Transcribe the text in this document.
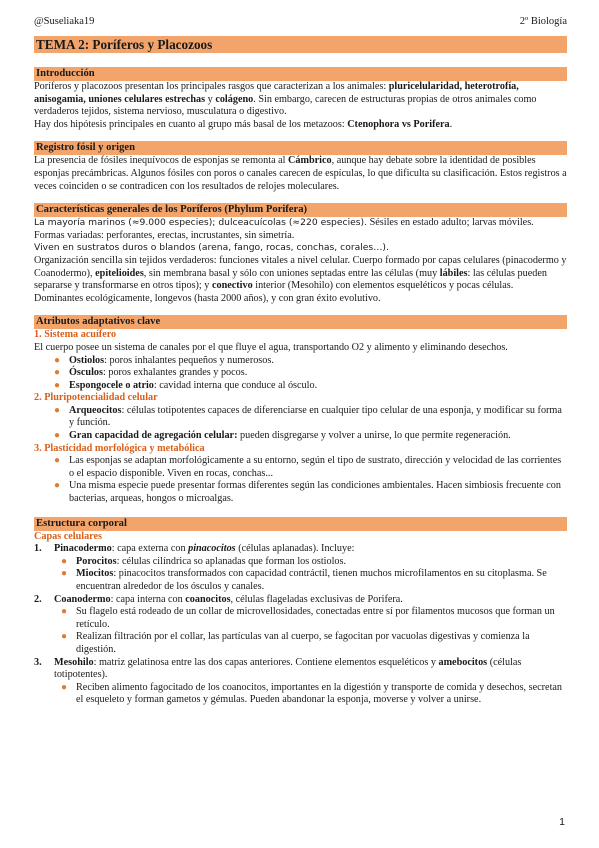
@Suseliaka19	2º Biología
TEMA 2: Poríferos y Placozoos
Introducción

Poríferos y placozoos presentan los principales rasgos que caracterizan a los animales: pluricelularidad, heterotrofía, anisogamia, uniones celulares estrechas y colágeno. Sin embargo, carecen de estructuras propias de otros animales como verdaderos tejidos, sistema nervioso, musculatura o digestivo.

Hay dos hipótesis principales en cuanto al grupo más basal de los metazoos: Ctenophora vs Porifera.

Registro fósil y origen

La presencia de fósiles inequívocos de esponjas se remonta al Cámbrico, aunque hay debate sobre la identidad de posibles esponjas precámbricas. Algunos fósiles con poros o canales carecen de espículas, lo que dificulta su clasificación. Estos registros a veces coinciden o se contradicen con los resultados de relojes moleculares.

Características generales de los Poríferos (Phylum Porifera)

La mayoría marinos (≈9.000 especies); dulceacuícolas (≈220 especies). Sésiles en estado adulto; larvas móviles.

Formas variadas: perforantes, erectas, incrustantes, sin simetría.

Viven en sustratos duros o blandos (arena, fango, rocas, conchas, corales…).

Organización sencilla sin tejidos verdaderos: funciones vitales a nivel celular. Cuerpo formado por capas celulares (pinacodermo y Coanodermo), epitelioides, sin membrana basal y sólo con uniones septadas entre las células (muy lábiles: las células pueden separarse y transformarse en otros tipos); y conectivo interior (Mesohilo) con elementos esqueléticos y pocas células.

Dominantes ecológicamente, longevos (hasta 2000 años), y con gran éxito evolutivo.

Atributos adaptativos clave
1. Sistema acuífero

El cuerpo posee un sistema de canales por el que fluye el agua, transportando O2 y alimento y eliminando desechos.

● Ostiolos: poros inhalantes pequeños y numerosos.
● Ósculos: poros exhalantes grandes y pocos.
● Espongocele o atrio: cavidad interna que conduce al ósculo.
2. Pluripotencialidad celular
● Arqueocitos: células totipotentes capaces de diferenciarse en cualquier tipo celular de una esponja, y modificar su forma y función.
● Gran capacidad de agregación celular: pueden disgregarse y volver a unirse, lo que permite regeneración.
3. Plasticidad morfológica y metabólica
● Las esponjas se adaptan morfológicamente a su entorno, según el tipo de sustrato, dirección y velocidad de las corrientes o el espacio disponible. Viven en rocas, conchas...
● Una misma especie puede presentar formas diferentes según las condiciones ambientales. Hacen simbiosis frecuente con bacterias, arqueas, hongos o microalgas.
Estructura corporal
Capas celulares
1. Pinacodermo: capa externa con pinacocitos (células aplanadas). Incluye:
● Porocitos: células cilíndrica so aplanadas que forman los ostiolos.
● Miocitos: pinacocitos transformados con capacidad contráctil, tienen muchos microfilamentos en su citoplasma. Se encuentran alrededor de los ósculos y canales.
2. Coanodermo: capa interna con coanocitos, células flageladas exclusivas de Porifera.
● Su flagelo está rodeado de un collar de microvellosidades, conectadas entre sí por filamentos mucosos que forman un retículo.
● Realizan filtración por el collar, las partículas van al cuerpo, se fagocitan por vacuolas digestivas y comienza la digestión.
3. Mesohilo: matriz gelatinosa entre las dos capas anteriores. Contiene elementos esqueléticos y amebocitos (células totipotentes).
● Reciben alimento fagocitado de los coanocitos, importantes en la digestión y transporte de comida y desechos, secretan el esqueleto y forman gametos y gémulas. Pueden abandonar la esponja, moverse y volver a unirse.
1
